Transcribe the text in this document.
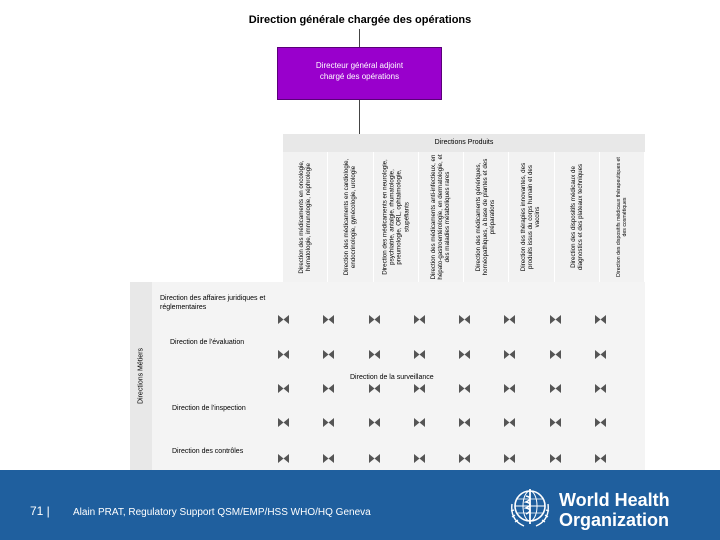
Direction générale chargée des opérations
Directeur général adjoint
chargé des opérations
Directions Produits
Direction des médicaments en oncologie, hématologie, immunologie, néphrologie	Direction des médicaments en cardiologie, endocrinologie, gynécologie, urologie	Direction des médicaments en neurologie, psychiatrie, antalgie, rhumatologie, pneumologie, ORL, ophtalmologie, stupéfiants	Direction des médicaments anti-infectieux, en hépato-gastroentérologie, en dermatologie, et des maladies métaboliques rares	Direction des médicaments génériques, homéopathiques, à base de plantes et des préparations	Direction des thérapies innovantes, des produits issus du corps humain et des vaccins	Direction des dispositifs médicaux de diagnostics et des plateaux techniques	Direction des dispositifs médicaux thérapeutiques et des cosmétiques
Directions Métiers
Direction des affaires juridiques et réglementaires
Direction de l'évaluation
Direction de la surveillance
Direction de l'inspection
Direction des contrôles
71 | Alain PRAT, Regulatory Support QSM/EMP/HSS WHO/HQ Geneva
World Health
Organization
